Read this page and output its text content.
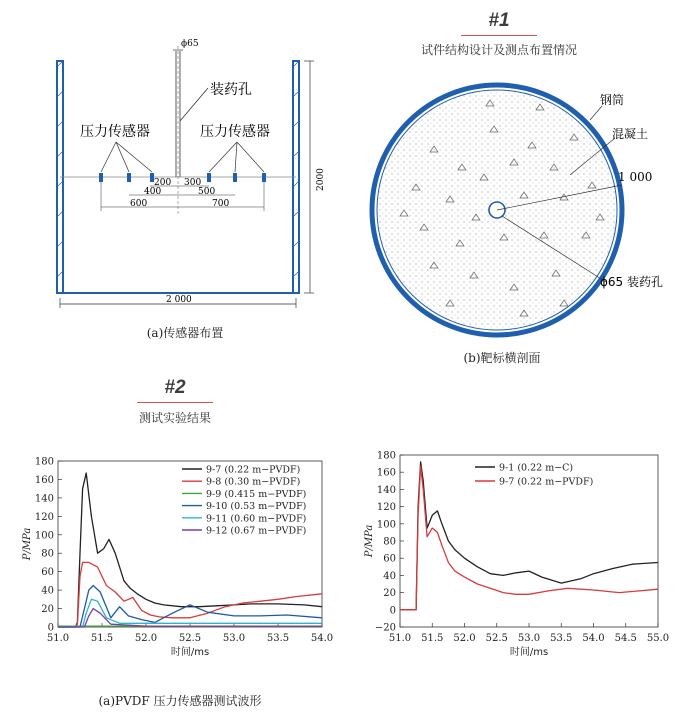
#1
试件结构设计及测点布置情况
ϕ65
装药孔
压力传感器	压力传感器
200 300
400	500
600	700
2 000
2000
(a)传感器布置
钢筒
混凝土
1 000
ϕ65 装药孔
(b)靶标横剖面
#2
测试实验结果
0
20
40
60
80
100
120
140
160
180
51.0 51.5 52.0 52.5 53.0 53.5 54.0
时间/ms
P/MPa
9-7 (0.22 m−PVDF)
9-8 (0.30 m−PVDF)
9-9 (0.415 m−PVDF)
9-10 (0.53 m−PVDF)
9-11 (0.60 m−PVDF)
9-12 (0.67 m−PVDF)
(a)PVDF 压力传感器测试波形
−20
0
20
40
60
80
100
120
140
160
180
51.0 51.5 52.0 52.5 53.0 53.5 54.0 54.5 55.0
时间/ms
P/MPa
9-1 (0.22 m−C)
9-7 (0.22 m−PVDF)
